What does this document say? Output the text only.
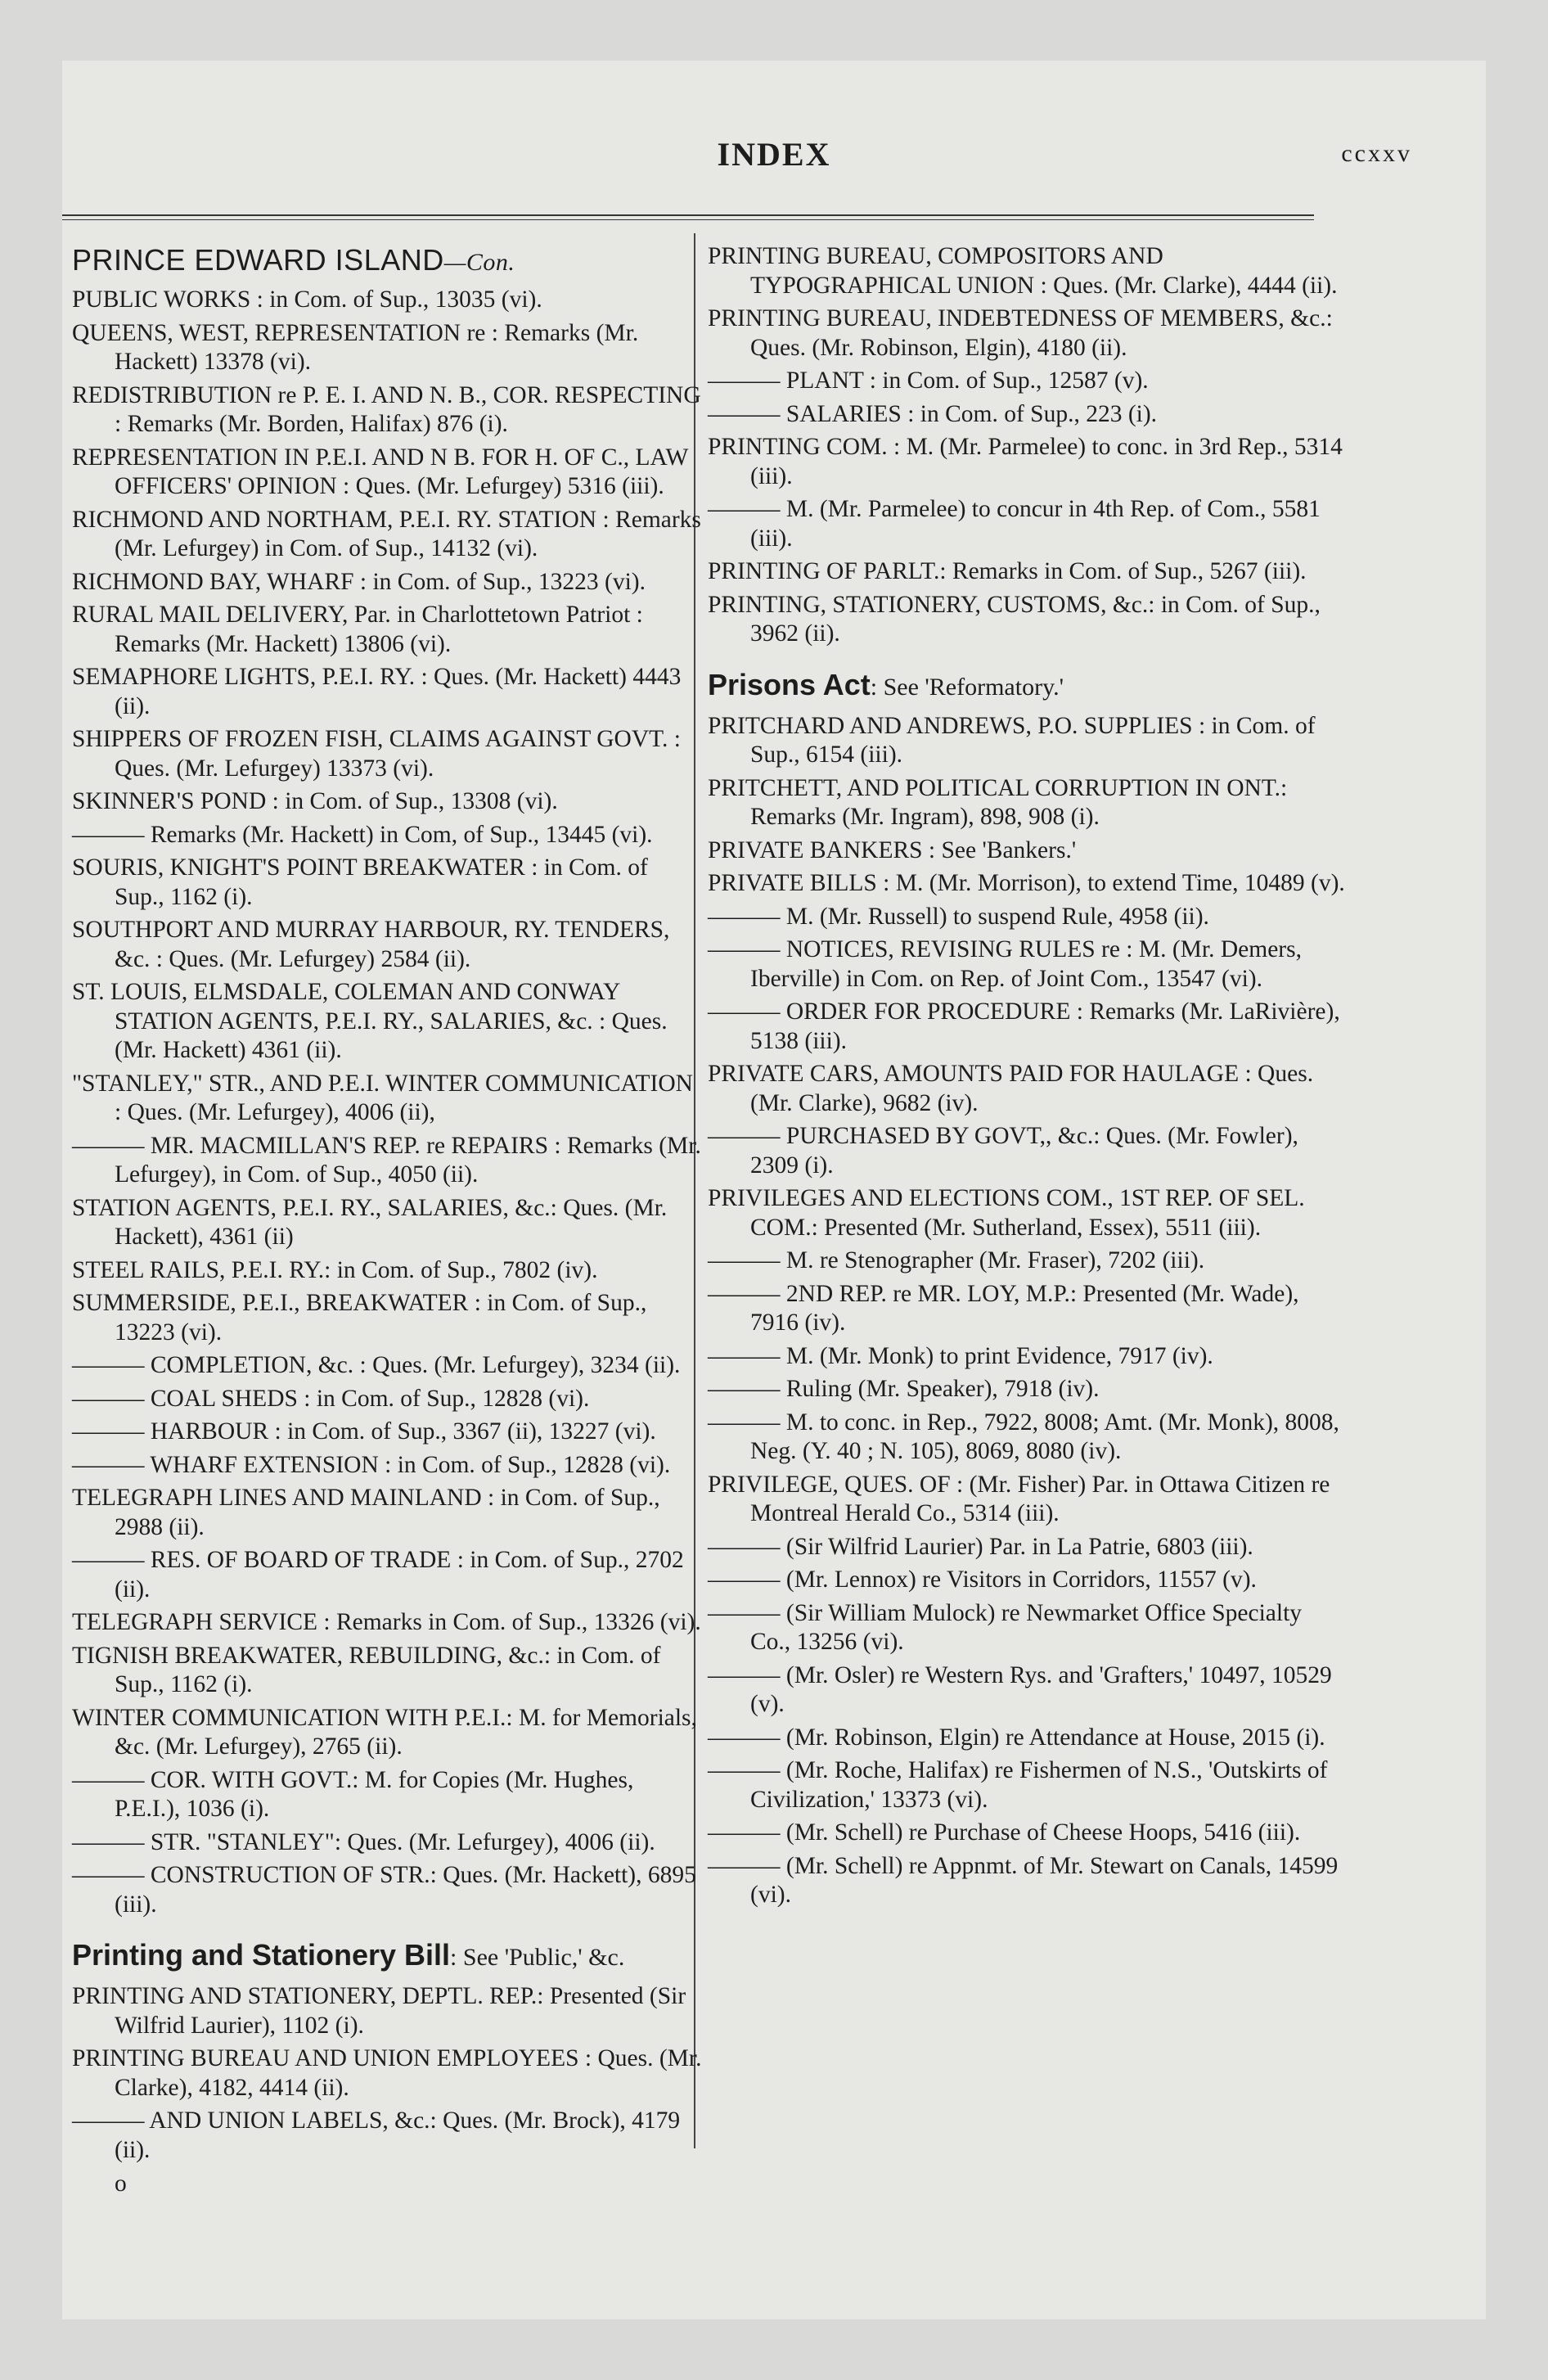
INDEX	ccxxv
PRINCE EDWARD ISLAND—Con.
PUBLIC WORKS : in Com. of Sup., 13035 (vi).
QUEENS, WEST, REPRESENTATION re : Remarks (Mr. Hackett) 13378 (vi).
REDISTRIBUTION re P. E. I. AND N. B., COR. RESPECTING : Remarks (Mr. Borden, Halifax) 876 (i).
REPRESENTATION IN P.E.I. AND N B. FOR H. OF C., LAW OFFICERS' OPINION : Ques. (Mr. Lefurgey) 5316 (iii).
RICHMOND AND NORTHAM, P.E.I. RY. STATION : Remarks (Mr. Lefurgey) in Com. of Sup., 14132 (vi).
RICHMOND BAY, WHARF : in Com. of Sup., 13223 (vi).
RURAL MAIL DELIVERY, Par. in Charlottetown Patriot : Remarks (Mr. Hackett) 13806 (vi).
SEMAPHORE LIGHTS, P.E.I. RY. : Ques. (Mr. Hackett) 4443 (ii).
SHIPPERS OF FROZEN FISH, CLAIMS AGAINST GOVT. : Ques. (Mr. Lefurgey) 13373 (vi).
SKINNER'S POND : in Com. of Sup., 13308 (vi).
——— Remarks (Mr. Hackett) in Com, of Sup., 13445 (vi).
SOURIS, KNIGHT'S POINT BREAKWATER : in Com. of Sup., 1162 (i).
SOUTHPORT AND MURRAY HARBOUR, RY. TENDERS, &c. : Ques. (Mr. Lefurgey) 2584 (ii).
ST. LOUIS, ELMSDALE, COLEMAN AND CONWAY STATION AGENTS, P.E.I. RY., SALARIES, &c. : Ques. (Mr. Hackett) 4361 (ii).
"STANLEY," STR., AND P.E.I. WINTER COMMUNICATION : Ques. (Mr. Lefurgey), 4006 (ii),
——— MR. MACMILLAN'S REP. re REPAIRS : Remarks (Mr. Lefurgey), in Com. of Sup., 4050 (ii).
STATION AGENTS, P.E.I. RY., SALARIES, &c.: Ques. (Mr. Hackett), 4361 (ii)
STEEL RAILS, P.E.I. RY.: in Com. of Sup., 7802 (iv).
SUMMERSIDE, P.E.I., BREAKWATER : in Com. of Sup., 13223 (vi).
——— COMPLETION, &c. : Ques. (Mr. Lefurgey), 3234 (ii).
——— COAL SHEDS : in Com. of Sup., 12828 (vi).
——— HARBOUR : in Com. of Sup., 3367 (ii), 13227 (vi).
——— WHARF EXTENSION : in Com. of Sup., 12828 (vi).
TELEGRAPH LINES AND MAINLAND : in Com. of Sup., 2988 (ii).
——— RES. OF BOARD OF TRADE : in Com. of Sup., 2702 (ii).
TELEGRAPH SERVICE : Remarks in Com. of Sup., 13326 (vi).
TIGNISH BREAKWATER, REBUILDING, &c.: in Com. of Sup., 1162 (i).
WINTER COMMUNICATION WITH P.E.I.: M. for Memorials, &c. (Mr. Lefurgey), 2765 (ii).
——— COR. WITH GOVT.: M. for Copies (Mr. Hughes, P.E.I.), 1036 (i).
——— STR. "STANLEY": Ques. (Mr. Lefurgey), 4006 (ii).
——— CONSTRUCTION OF STR.: Ques. (Mr. Hackett), 6895 (iii).
Printing and Stationery Bill: See 'Public,' &c.
PRINTING AND STATIONERY, DEPTL. REP.: Presented (Sir Wilfrid Laurier), 1102 (i).
PRINTING BUREAU AND UNION EMPLOYEES : Ques. (Mr. Clarke), 4182, 4414 (ii).
——— AND UNION LABELS, &c.: Ques. (Mr. Brock), 4179 (ii).
o
PRINTING BUREAU, COMPOSITORS AND TYPOGRAPHICAL UNION : Ques. (Mr. Clarke), 4444 (ii).
PRINTING BUREAU, INDEBTEDNESS OF MEMBERS, &c.: Ques. (Mr. Robinson, Elgin), 4180 (ii).
——— PLANT : in Com. of Sup., 12587 (v).
——— SALARIES : in Com. of Sup., 223 (i).
PRINTING COM. : M. (Mr. Parmelee) to conc. in 3rd Rep., 5314 (iii).
——— M. (Mr. Parmelee) to concur in 4th Rep. of Com., 5581 (iii).
PRINTING OF PARLT.: Remarks in Com. of Sup., 5267 (iii).
PRINTING, STATIONERY, CUSTOMS, &c.: in Com. of Sup., 3962 (ii).
Prisons Act: See 'Reformatory.'
PRITCHARD AND ANDREWS, P.O. SUPPLIES : in Com. of Sup., 6154 (iii).
PRITCHETT, AND POLITICAL CORRUPTION IN ONT.: Remarks (Mr. Ingram), 898, 908 (i).
PRIVATE BANKERS : See 'Bankers.'
PRIVATE BILLS : M. (Mr. Morrison), to extend Time, 10489 (v).
——— M. (Mr. Russell) to suspend Rule, 4958 (ii).
——— NOTICES, REVISING RULES re : M. (Mr. Demers, Iberville) in Com. on Rep. of Joint Com., 13547 (vi).
——— ORDER FOR PROCEDURE : Remarks (Mr. LaRivière), 5138 (iii).
PRIVATE CARS, AMOUNTS PAID FOR HAULAGE : Ques. (Mr. Clarke), 9682 (iv).
——— PURCHASED BY GOVT,, &c.: Ques. (Mr. Fowler), 2309 (i).
PRIVILEGES AND ELECTIONS COM., 1ST REP. OF SEL. COM.: Presented (Mr. Sutherland, Essex), 5511 (iii).
——— M. re Stenographer (Mr. Fraser), 7202 (iii).
——— 2ND REP. re MR. LOY, M.P.: Presented (Mr. Wade), 7916 (iv).
——— M. (Mr. Monk) to print Evidence, 7917 (iv).
——— Ruling (Mr. Speaker), 7918 (iv).
——— M. to conc. in Rep., 7922, 8008; Amt. (Mr. Monk), 8008, Neg. (Y. 40 ; N. 105), 8069, 8080 (iv).
PRIVILEGE, QUES. OF : (Mr. Fisher) Par. in Ottawa Citizen re Montreal Herald Co., 5314 (iii).
——— (Sir Wilfrid Laurier) Par. in La Patrie, 6803 (iii).
——— (Mr. Lennox) re Visitors in Corridors, 11557 (v).
——— (Sir William Mulock) re Newmarket Office Specialty Co., 13256 (vi).
——— (Mr. Osler) re Western Rys. and 'Grafters,' 10497, 10529 (v).
——— (Mr. Robinson, Elgin) re Attendance at House, 2015 (i).
——— (Mr. Roche, Halifax) re Fishermen of N.S., 'Outskirts of Civilization,' 13373 (vi).
——— (Mr. Schell) re Purchase of Cheese Hoops, 5416 (iii).
——— (Mr. Schell) re Appnmt. of Mr. Stewart on Canals, 14599 (vi).
